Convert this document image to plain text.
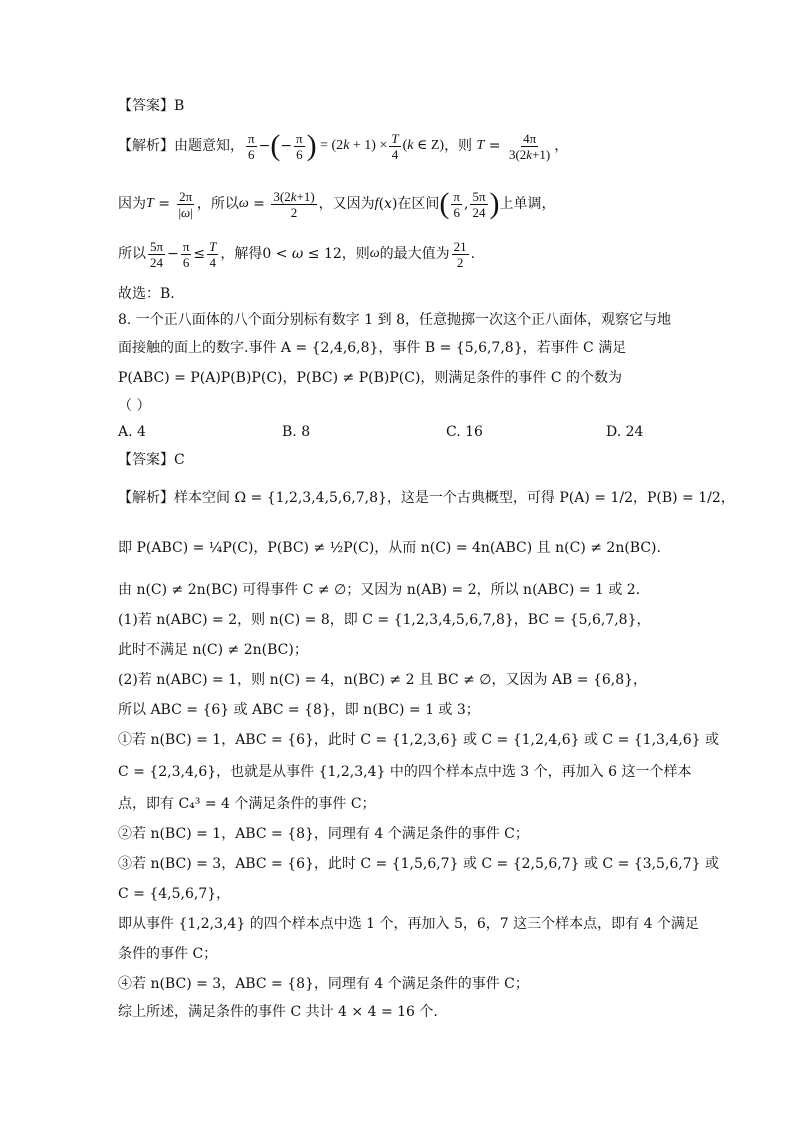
【答案】B
【解析】由题意知， $\frac{\pi}{6}$ − ( − $\frac{\pi}{6}$ ) = $(2k + 1) \times \frac{T}{4} (k$ ∈ Z) ，则 $T = \frac{4\pi}{3(2k+1)}$ ，
因为 $T = \frac{2\pi}{|\omega|}$ ，所以 $\omega = \frac{3(2k+1)}{2}$ ，又因为 f (x) 在区间 ( $\frac{\pi}{6}$ , $\frac{5\pi}{24}$ ) 上单调，
所以 $\frac{5\pi}{24} - \frac{\pi}{6} \le \frac{T}{4}$ ，解得 0 < ω ≤ 12 ，则 ω 的最大值为 $\frac{21}{2}$ .
故选：B.
8. 一个正八面体的八个面分别标有数字 1 到 8，任意抛掷一次这个正八面体，观察它与地
面接触的面上的数字.事件 A = {2,4,6,8}，事件 B = {5,6,7,8}，若事件 C 满足
P(ABC) = P(A)P(B)P(C)，P(BC) ≠ P(B)P(C)，则满足条件的事件 C 的个数为
（ ）
A. 4	B. 8	C. 16	D. 24
【答案】C
【解析】样本空间 Ω = {1,2,3,4,5,6,7,8}，这是一个古典概型，可得 P(A) = 1/2，P(B) = 1/2，
即 P(ABC) = ¼P(C)，P(BC) ≠ ½P(C)，从而 n(C) = 4n(ABC) 且 n(C) ≠ 2n(BC).
由 n(C) ≠ 2n(BC) 可得事件 C ≠ ∅；又因为 n(AB) = 2，所以 n(ABC) = 1 或 2.
(1)若 n(ABC) = 2，则 n(C) = 8，即 C = {1,2,3,4,5,6,7,8}，BC = {5,6,7,8}，
此时不满足 n(C) ≠ 2n(BC)；
(2)若 n(ABC) = 1，则 n(C) = 4，n(BC) ≠ 2 且 BC ≠ ∅，又因为 AB = {6,8}，
所以 ABC = {6} 或 ABC = {8}，即 n(BC) = 1 或 3；
①若 n(BC) = 1，ABC = {6}，此时 C = {1,2,3,6} 或 C = {1,2,4,6} 或 C = {1,3,4,6} 或
C = {2,3,4,6}，也就是从事件 {1,2,3,4} 中的四个样本点中选 3 个，再加入 6 这一个样本
点，即有 C₄³ = 4 个满足条件的事件 C；
②若 n(BC) = 1，ABC = {8}，同理有 4 个满足条件的事件 C；
③若 n(BC) = 3，ABC = {6}，此时 C = {1,5,6,7} 或 C = {2,5,6,7} 或 C = {3,5,6,7} 或
C = {4,5,6,7}，
即从事件 {1,2,3,4} 的四个样本点中选 1 个，再加入 5，6，7 这三个样本点，即有 4 个满足
条件的事件 C；
④若 n(BC) = 3，ABC = {8}，同理有 4 个满足条件的事件 C；
综上所述，满足条件的事件 C 共计 4 × 4 = 16 个.
